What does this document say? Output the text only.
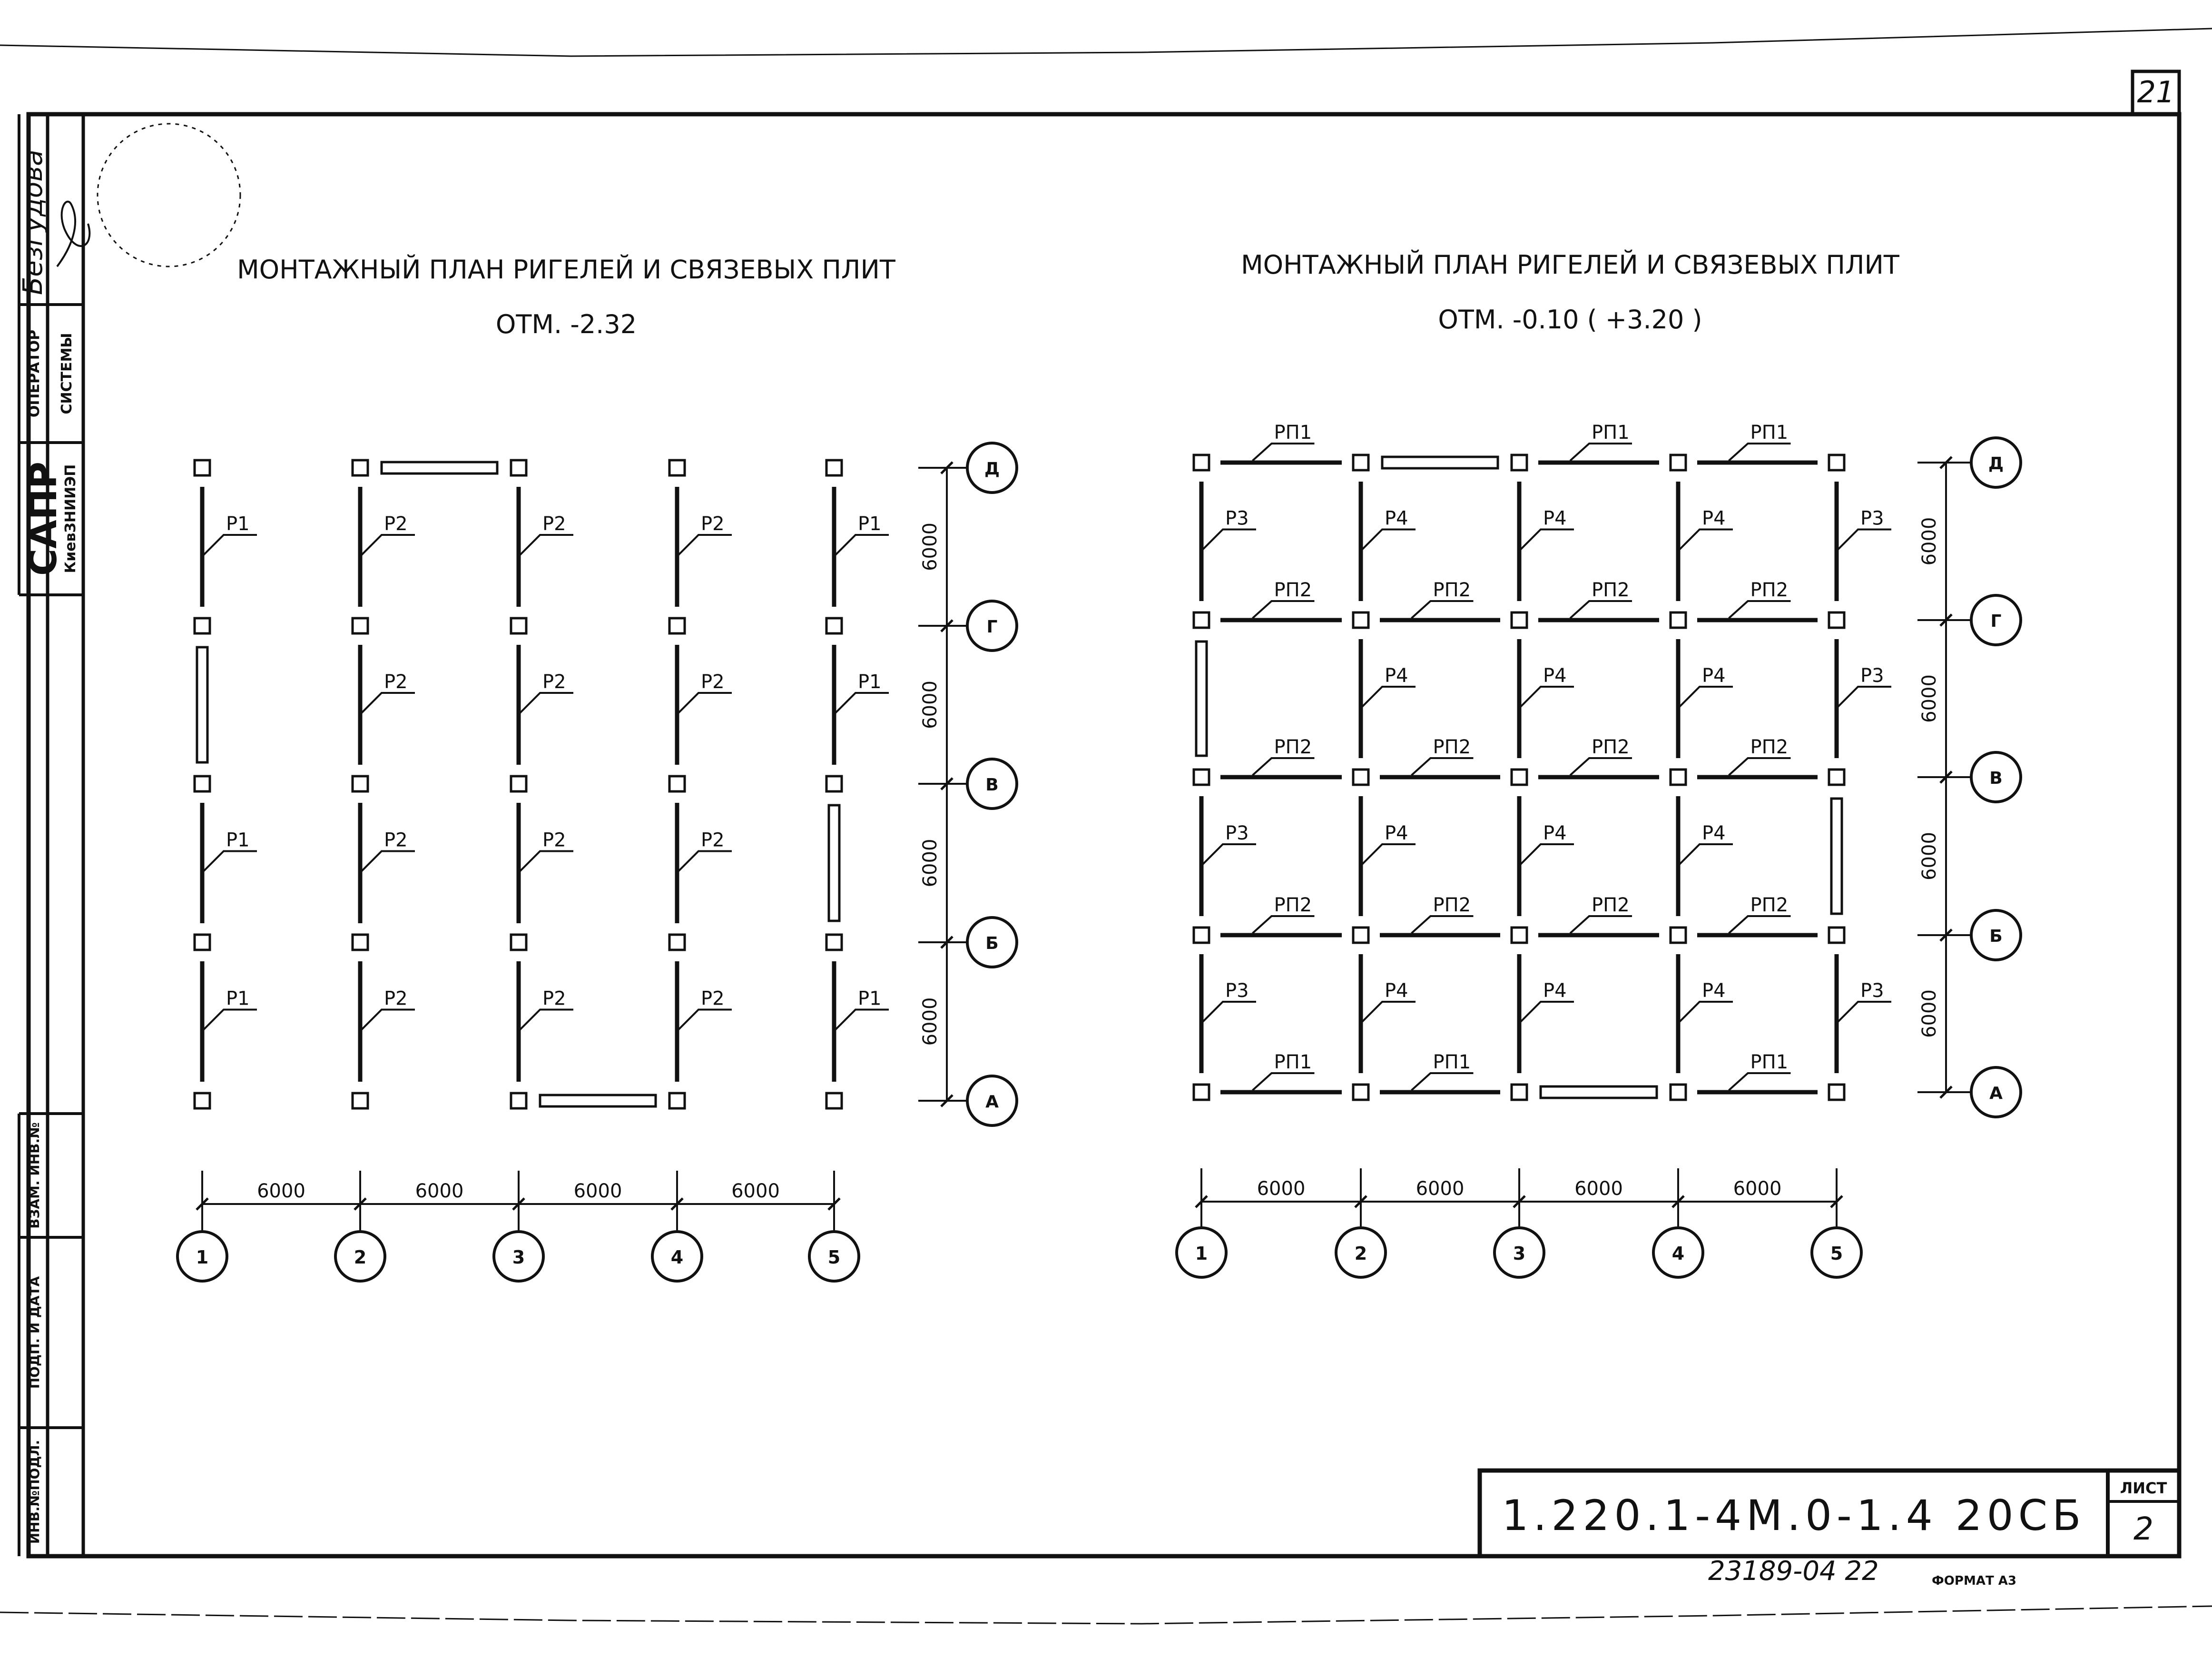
21
Безгудова
ОПЕРАТОР СИСТЕМЫ
САПР
КиевЗНИИЭП
ВЗАМ. ИНВ.№
ПОДП. И ДАТА
ИНВ.№ПОДЛ.
МОНТАЖНЫЙ ПЛАН РИГЕЛЕЙ И СВЯЗЕВЫХ ПЛИТ
ОТМ. -2.32
МОНТАЖНЫЙ ПЛАН РИГЕЛЕЙ И СВЯЗЕВЫХ ПЛИТ
ОТМ. -0.10 ( +3.20 )
Р1	Р2	Р2	Р2	Р1
Р2	Р2	Р2	Р1
Р1	Р2	Р2	Р2
Р1	Р2	Р2	Р2	Р1
1	2	3	4	5
6000	6000	6000	6000
Д
Г
В
Б
А
6000
6000
6000
6000
Р3	Р4	Р4	Р4	Р3
Р4	Р4	Р4	Р3
Р3	Р4	Р4	Р4
Р3	Р4	Р4	Р4	Р3
РП1	РП1	РП1
РП2	РП2	РП2	РП2
РП2	РП2	РП2	РП2
РП2	РП2	РП2	РП2
РП1	РП1	РП1
1	2	3	4	5
6000	6000	6000	6000
Д
Г
В
Б
А
6000
6000
6000
6000
1.220.1-4М.0-1.4 20СБ
ЛИСТ
2
23189-04 22	ФОРМАТ А3
